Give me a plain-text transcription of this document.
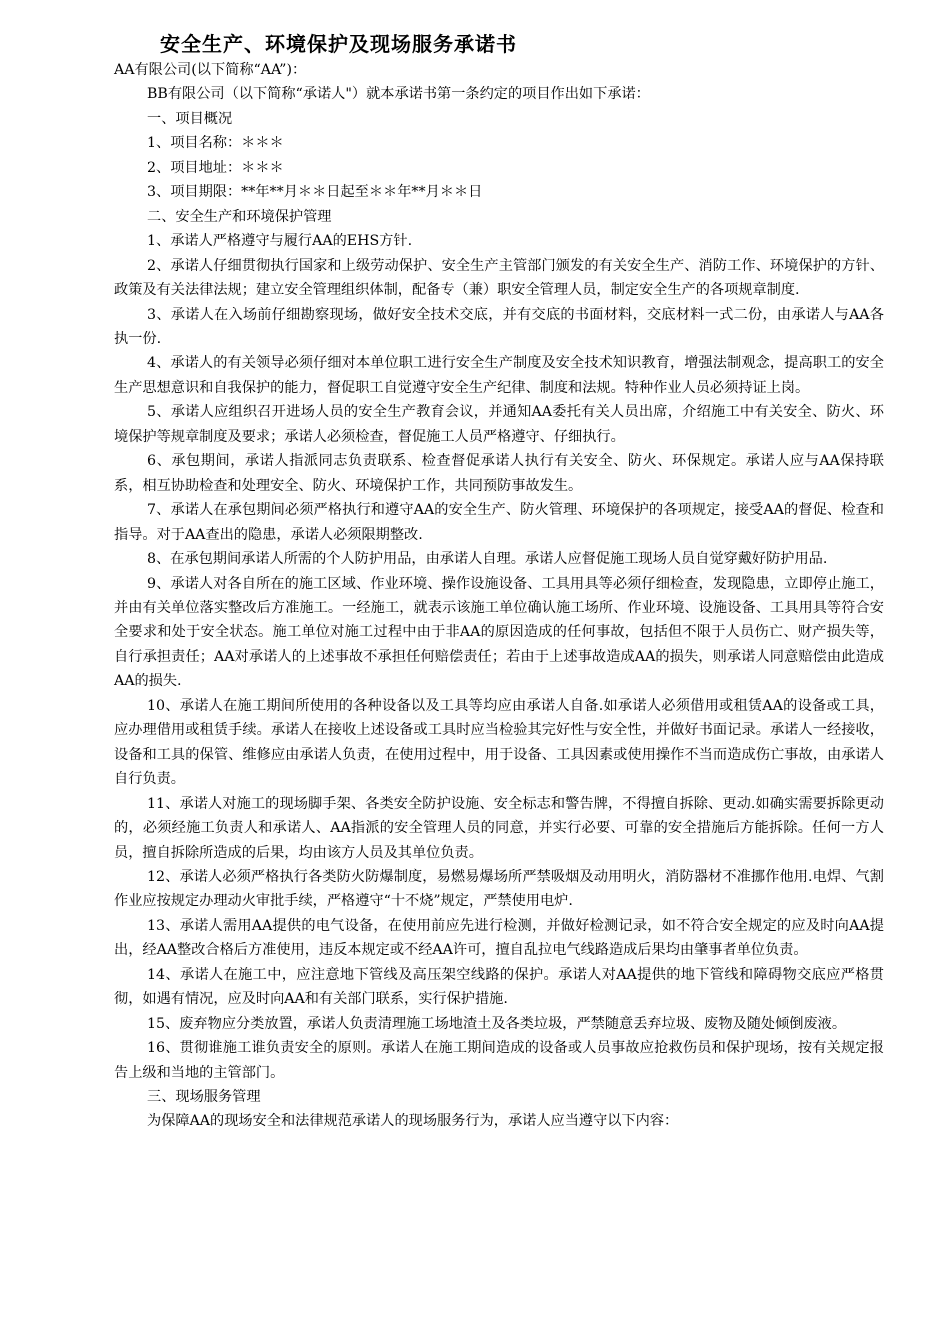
安全生产、环境保护及现场服务承诺书

AA有限公司(以下简称“AA”)：

BB有限公司（以下简称“承诺人"）就本承诺书第一条约定的项目作出如下承诺：

一、项目概况

1、项目名称：＊＊＊

2、项目地址：＊＊＊

3、项目期限：**年**月＊＊日起至＊＊年**月＊＊日

二、安全生产和环境保护管理

1、承诺人严格遵守与履行AA的EHS方针.

2、承诺人仔细贯彻执行国家和上级劳动保护、安全生产主管部门颁发的有关安全生产、消防工作、环境保护的方针、政策及有关法律法规；建立安全管理组织体制，配备专（兼）职安全管理人员，制定安全生产的各项规章制度.

3、承诺人在入场前仔细勘察现场，做好安全技术交底，并有交底的书面材料，交底材料一式二份，由承诺人与AA各执一份.

4、承诺人的有关领导必须仔细对本单位职工进行安全生产制度及安全技术知识教育，增强法制观念，提高职工的安全生产思想意识和自我保护的能力，督促职工自觉遵守安全生产纪律、制度和法规。特种作业人员必须持证上岗。

5、承诺人应组织召开进场人员的安全生产教育会议，并通知AA委托有关人员出席，介绍施工中有关安全、防火、环境保护等规章制度及要求；承诺人必须检查，督促施工人员严格遵守、仔细执行。

6、承包期间，承诺人指派同志负责联系、检查督促承诺人执行有关安全、防火、环保规定。承诺人应与AA保持联系，相互协助检查和处理安全、防火、环境保护工作，共同预防事故发生。

7、承诺人在承包期间必须严格执行和遵守AA的安全生产、防火管理、环境保护的各项规定，接受AA的督促、检查和指导。对于AA查出的隐患，承诺人必须限期整改.

8、在承包期间承诺人所需的个人防护用品，由承诺人自理。承诺人应督促施工现场人员自觉穿戴好防护用品.

9、承诺人对各自所在的施工区域、作业环境、操作设施设备、工具用具等必须仔细检查，发现隐患，立即停止施工，并由有关单位落实整改后方准施工。一经施工，就表示该施工单位确认施工场所、作业环境、设施设备、工具用具等符合安全要求和处于安全状态。施工单位对施工过程中由于非AA的原因造成的任何事故，包括但不限于人员伤亡、财产损失等，自行承担责任；AA对承诺人的上述事故不承担任何赔偿责任；若由于上述事故造成AA的损失，则承诺人同意赔偿由此造成AA的损失.

10、承诺人在施工期间所使用的各种设备以及工具等均应由承诺人自备.如承诺人必须借用或租赁AA的设备或工具，应办理借用或租赁手续。承诺人在接收上述设备或工具时应当检验其完好性与安全性，并做好书面记录。承诺人一经接收，设备和工具的保管、维修应由承诺人负责，在使用过程中，用于设备、工具因素或使用操作不当而造成伤亡事故，由承诺人自行负责。

11、承诺人对施工的现场脚手架、各类安全防护设施、安全标志和警告牌，不得擅自拆除、更动.如确实需要拆除更动的，必须经施工负责人和承诺人、AA指派的安全管理人员的同意，并实行必要、可靠的安全措施后方能拆除。任何一方人员，擅自拆除所造成的后果，均由该方人员及其单位负责。

12、承诺人必须严格执行各类防火防爆制度，易燃易爆场所严禁吸烟及动用明火，消防器材不准挪作他用.电焊、气割作业应按规定办理动火审批手续，严格遵守“十不烧”规定，严禁使用电炉.

13、承诺人需用AA提供的电气设备，在使用前应先进行检测，并做好检测记录，如不符合安全规定的应及时向AA提出，经AA整改合格后方准使用，违反本规定或不经AA许可，擅自乱拉电气线路造成后果均由肇事者单位负责。

14、承诺人在施工中，应注意地下管线及高压架空线路的保护。承诺人对AA提供的地下管线和障碍物交底应严格贯彻，如遇有情况，应及时向AA和有关部门联系，实行保护措施.

15、废弃物应分类放置，承诺人负责清理施工场地渣土及各类垃圾，严禁随意丢弃垃圾、废物及随处倾倒废液。

16、贯彻谁施工谁负责安全的原则。承诺人在施工期间造成的设备或人员事故应抢救伤员和保护现场，按有关规定报告上级和当地的主管部门。

三、现场服务管理

为保障AA的现场安全和法律规范承诺人的现场服务行为，承诺人应当遵守以下内容：
